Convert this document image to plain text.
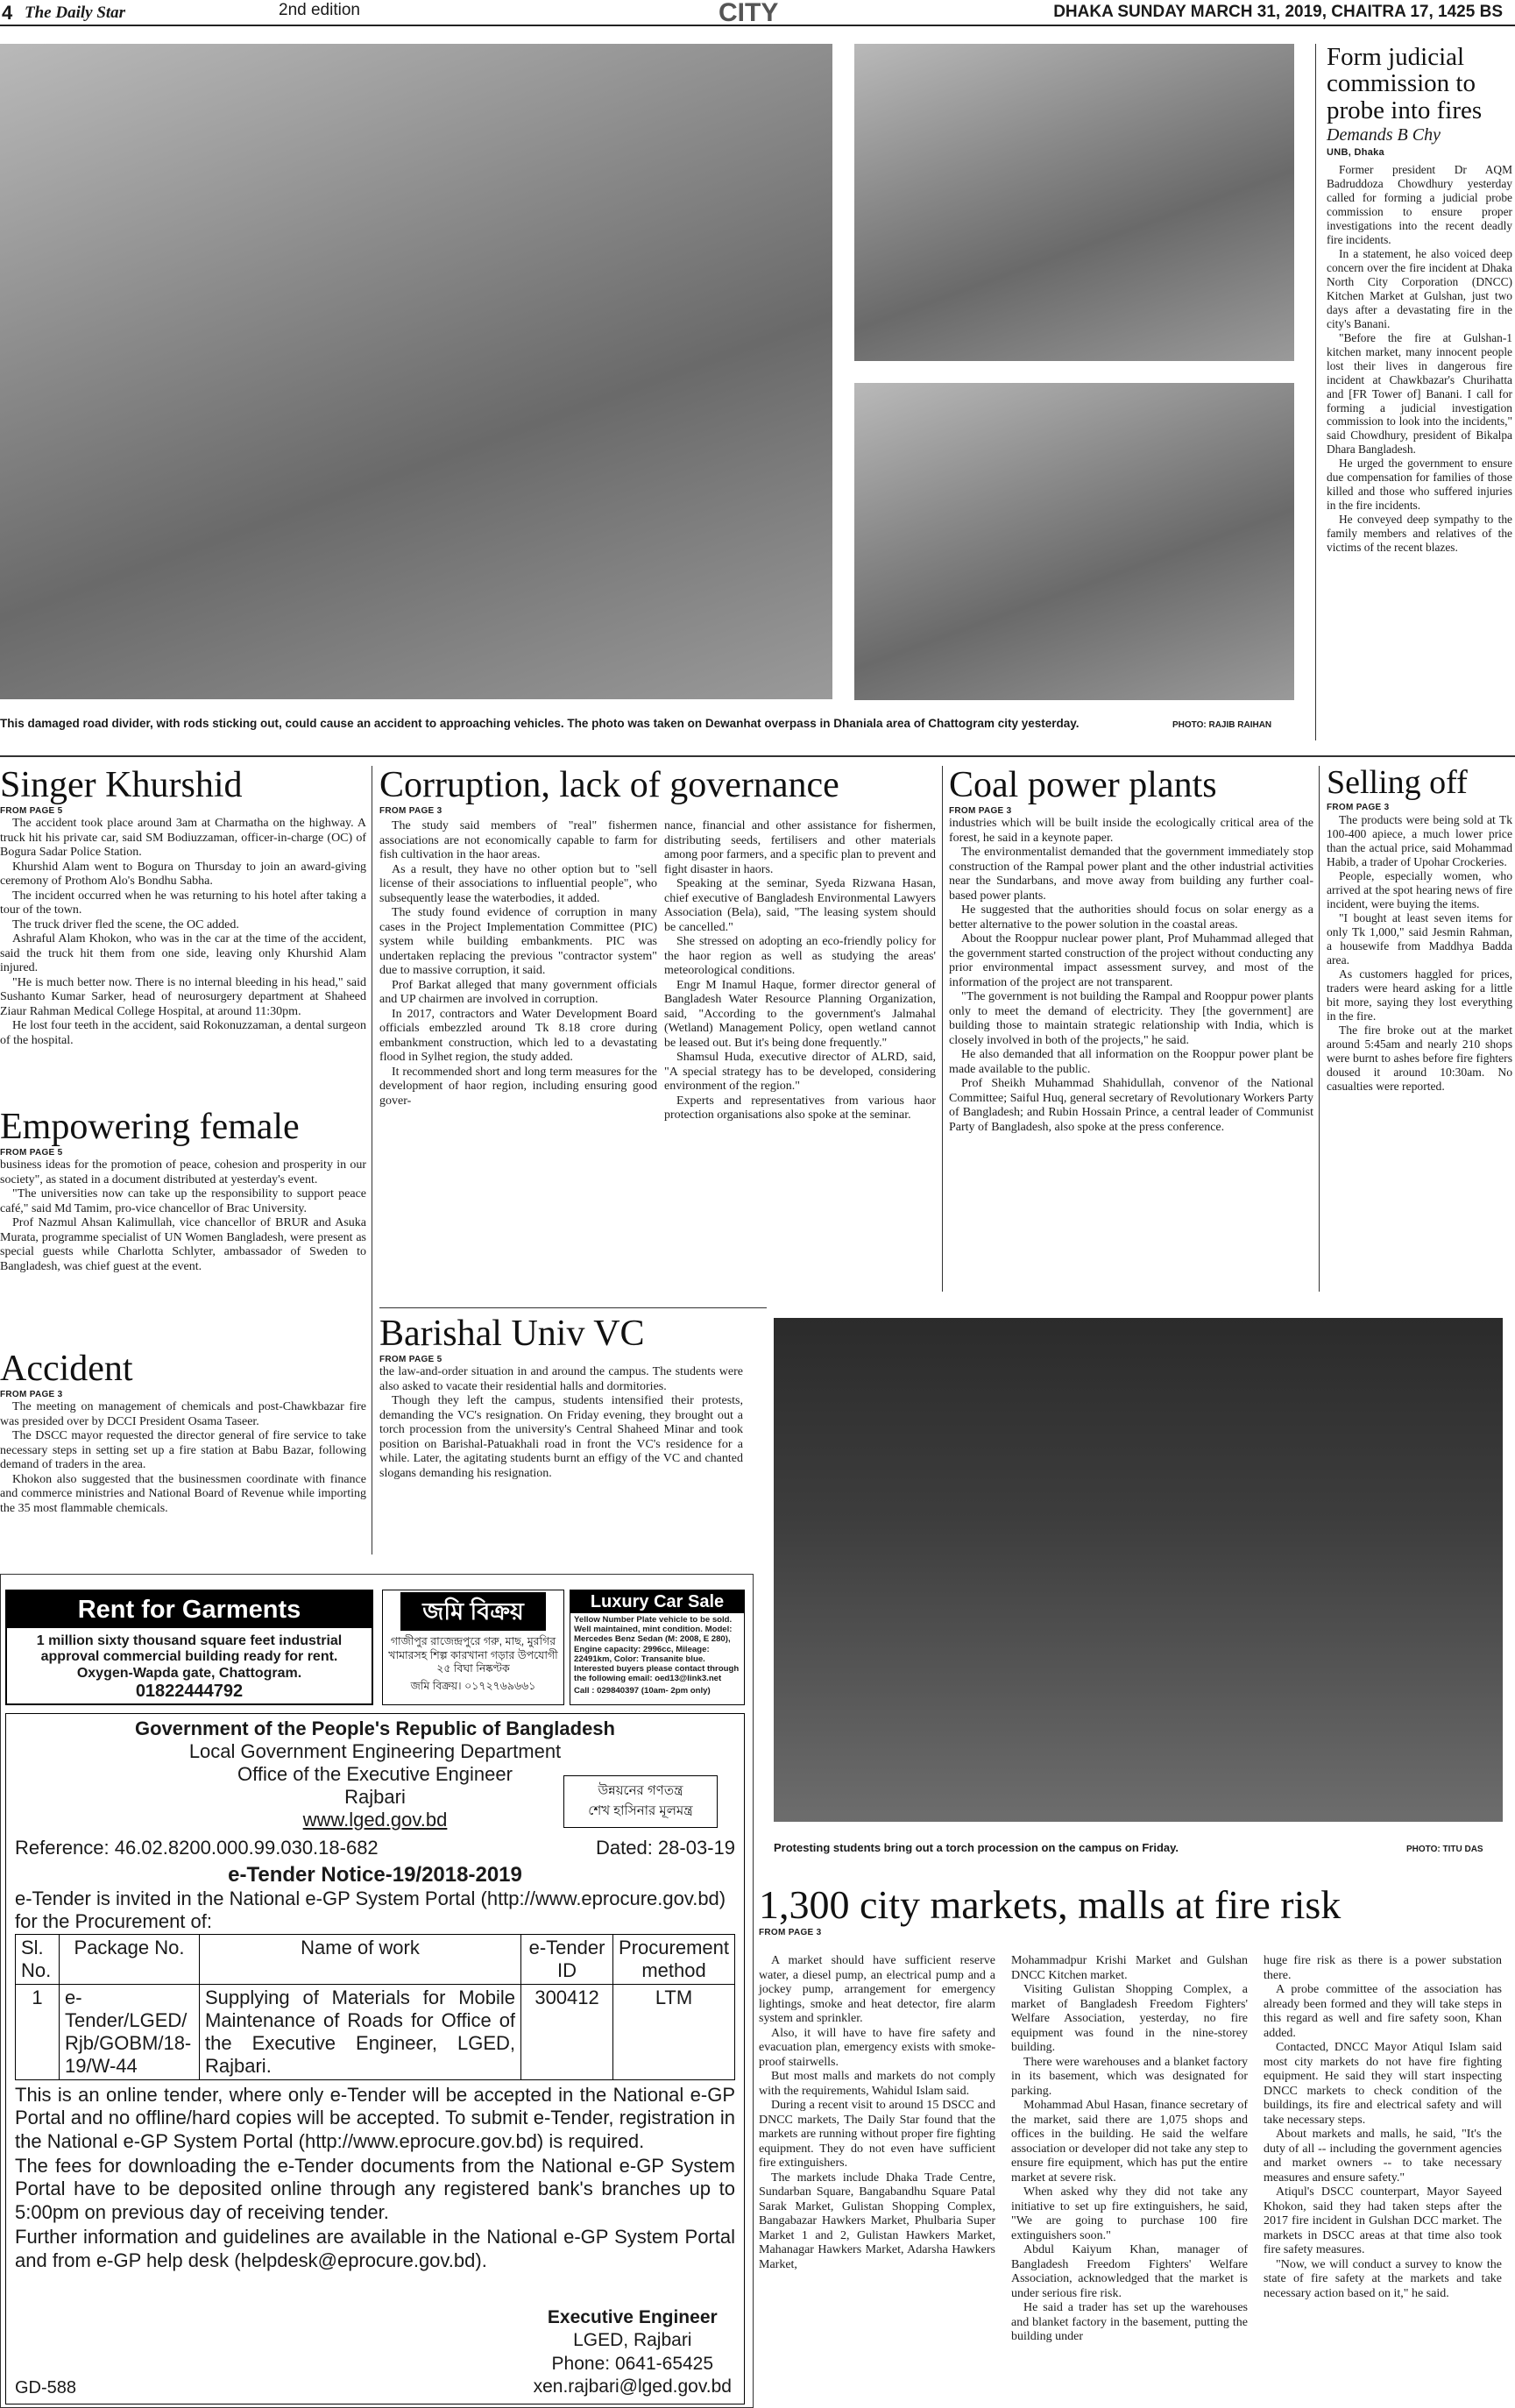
4 The Daily Star	2nd edition	CITY	DHAKA SUNDAY MARCH 31, 2019, CHAITRA 17, 1425 BS
This damaged road divider, with rods sticking out, could cause an accident to approaching vehicles. The photo was taken on Dewanhat overpass in Dhaniala area of Chattogram city yesterday.	PHOTO: RAJIB RAIHAN
Form judicial commission to probe into fires
Demands B Chy
UNB, Dhaka

Former president Dr AQM Badruddoza Chowdhury yesterday called for forming a judicial probe commission to ensure proper investigations into the recent deadly fire incidents.

In a statement, he also voiced deep concern over the fire incident at Dhaka North City Corporation (DNCC) Kitchen Market at Gulshan, just two days after a devastating fire in the city's Banani.

"Before the fire at Gulshan-1 kitchen market, many innocent people lost their lives in dangerous fire incident at Chawkbazar's Churihatta and [FR Tower of] Banani. I call for forming a judicial investigation commission to look into the incidents," said Chowdhury, president of Bikalpa Dhara Bangladesh.

He urged the government to ensure due compensation for families of those killed and those who suffered injuries in the fire incidents.

He conveyed deep sympathy to the family members and relatives of the victims of the recent blazes.

Singer Khurshid
FROM PAGE 5

The accident took place around 3am at Charmatha on the highway. A truck hit his private car, said SM Bodiuzzaman, officer-in-charge (OC) of Bogura Sadar Police Station.

Khurshid Alam went to Bogura on Thursday to join an award-giving ceremony of Prothom Alo's Bondhu Sabha.

The incident occurred when he was returning to his hotel after taking a tour of the town.

The truck driver fled the scene, the OC added.

Ashraful Alam Khokon, who was in the car at the time of the accident, said the truck hit them from one side, leaving only Khurshid Alam injured.

"He is much better now. There is no internal bleeding in his head," said Sushanto Kumar Sarker, head of neurosurgery department at Shaheed Ziaur Rahman Medical College Hospital, at around 11:30pm.

He lost four teeth in the accident, said Rokonuzzaman, a dental surgeon of the hospital.

Empowering female
FROM PAGE 5

business ideas for the promotion of peace, cohesion and prosperity in our society", as stated in a document distributed at yesterday's event.

"The universities now can take up the responsibility to support peace café," said Md Tamim, pro-vice chancellor of Brac University.

Prof Nazmul Ahsan Kalimullah, vice chancellor of BRUR and Asuka Murata, programme specialist of UN Women Bangladesh, were present as special guests while Charlotta Schlyter, ambassador of Sweden to Bangladesh, was chief guest at the event.

Accident
FROM PAGE 3

The meeting on management of chemicals and post-Chawkbazar fire was presided over by DCCI President Osama Taseer.

The DSCC mayor requested the director general of fire service to take necessary steps in setting set up a fire station at Babu Bazar, following demand of traders in the area.

Khokon also suggested that the businessmen coordinate with finance and commerce ministries and National Board of Revenue while importing the 35 most flammable chemicals.

Corruption, lack of governance
FROM PAGE 3

The study said members of "real" fishermen associations are not economically capable to farm for fish cultivation in the haor areas.

As a result, they have no other option but to "sell license of their associations to influential people", who subsequently lease the waterbodies, it added.

The study found evidence of corruption in many cases in the Project Implementation Committee (PIC) system while building embankments. PIC was undertaken replacing the previous "contractor system" due to massive corruption, it said.

Prof Barkat alleged that many government officials and UP chairmen are involved in corruption.

In 2017, contractors and Water Development Board officials embezzled around Tk 8.18 crore during embankment construction, which led to a devastating flood in Sylhet region, the study added.

It recommended short and long term measures for the development of haor region, including ensuring good gover-

nance, financial and other assistance for fishermen, distributing seeds, fertilisers and other materials among poor farmers, and a specific plan to prevent and fight disaster in haors.

Speaking at the seminar, Syeda Rizwana Hasan, chief executive of Bangladesh Environmental Lawyers Association (Bela), said, "The leasing system should be cancelled."

She stressed on adopting an eco-friendly policy for the haor region as well as studying the areas' meteorological conditions.

Engr M Inamul Haque, former director general of Bangladesh Water Resource Planning Organization, said, "According to the government's Jalmahal (Wetland) Management Policy, open wetland cannot be leased out. But it's being done frequently."

Shamsul Huda, executive director of ALRD, said, "A special strategy has to be developed, considering environment of the region."

Experts and representatives from various haor protection organisations also spoke at the seminar.

Coal power plants
FROM PAGE 3

industries which will be built inside the ecologically critical area of the forest, he said in a keynote paper.

The environmentalist demanded that the government immediately stop construction of the Rampal power plant and the other industrial activities near the Sundarbans, and move away from building any further coal-based power plants.

He suggested that the authorities should focus on solar energy as a better alternative to the power solution in the coastal areas.

About the Rooppur nuclear power plant, Prof Muhammad alleged that the government started construction of the project without conducting any prior environmental impact assessment survey, and most of the information of the project are not transparent.

"The government is not building the Rampal and Rooppur power plants only to meet the demand of electricity. They [the government] are building those to maintain strategic relationship with India, which is closely involved in both of the projects," he said.

He also demanded that all information on the Rooppur power plant be made available to the public.

Prof Sheikh Muhammad Shahidullah, convenor of the National Committee; Saiful Huq, general secretary of Revolutionary Workers Party of Bangladesh; and Rubin Hossain Prince, a central leader of Communist Party of Bangladesh, also spoke at the press conference.

Selling off
FROM PAGE 3

The products were being sold at Tk 100-400 apiece, a much lower price than the actual price, said Mohammad Habib, a trader of Upohar Crockeries.

People, especially women, who arrived at the spot hearing news of fire incident, were buying the items.

"I bought at least seven items for only Tk 1,000," said Jesmin Rahman, a housewife from Maddhya Badda area.

As customers haggled for prices, traders were heard asking for a little bit more, saying they lost everything in the fire.

The fire broke out at the market around 5:45am and nearly 210 shops were burnt to ashes before fire fighters doused it around 10:30am. No casualties were reported.

Barishal Univ VC
FROM PAGE 5

the law-and-order situation in and around the campus. The students were also asked to vacate their residential halls and dormitories.

Though they left the campus, students intensified their protests, demanding the VC's resignation. On Friday evening, they brought out a torch procession from the university's Central Shaheed Minar and took position on Barishal-Patuakhali road in front the VC's residence for a while. Later, the agitating students burnt an effigy of the VC and chanted slogans demanding his resignation.

Protesting students bring out a torch procession on the campus on Friday.	PHOTO: TITU DAS
1,300 city markets, malls at fire risk
FROM PAGE 3

A market should have sufficient reserve water, a diesel pump, an electrical pump and a jockey pump, arrangement for emergency lightings, smoke and heat detector, fire alarm system and sprinkler.

Also, it will have to have fire safety and evacuation plan, emergency exists with smoke-proof stairwells.

But most malls and markets do not comply with the requirements, Wahidul Islam said.

During a recent visit to around 15 DSCC and DNCC markets, The Daily Star found that the markets are running without proper fire fighting equipment. They do not even have sufficient fire extinguishers.

The markets include Dhaka Trade Centre, Sundarban Square, Bangabandhu Square Patal Sarak Market, Gulistan Shopping Complex, Bangabazar Hawkers Market, Phulbaria Super Market 1 and 2, Gulistan Hawkers Market, Mahanagar Hawkers Market, Adarsha Hawkers Market,

Mohammadpur Krishi Market and Gulshan DNCC Kitchen market.

Visiting Gulistan Shopping Complex, a market of Bangladesh Freedom Fighters' Welfare Association, yesterday, no fire equipment was found in the nine-storey building.

There were warehouses and a blanket factory in its basement, which was designated for parking.

Mohammad Abul Hasan, finance secretary of the market, said there are 1,075 shops and offices in the building. He said the welfare association or developer did not take any step to ensure fire equipment, which has put the entire market at severe risk.

When asked why they did not take any initiative to set up fire extinguishers, he said, "We are going to purchase 100 fire extinguishers soon."

Abdul Kaiyum Khan, manager of Bangladesh Freedom Fighters' Welfare Association, acknowledged that the market is under serious fire risk.

He said a trader has set up the warehouses and blanket factory in the basement, putting the building under

huge fire risk as there is a power substation there.

A probe committee of the association has already been formed and they will take steps in this regard as well and fire safety soon, Khan added.

Contacted, DNCC Mayor Atiqul Islam said most city markets do not have fire fighting equipment. He said they will start inspecting DNCC markets to check condition of the buildings, its fire and electrical safety and will take necessary steps.

About markets and malls, he said, "It's the duty of all -- including the government agencies and market owners -- to take necessary measures and ensure safety."

Atiqul's DSCC counterpart, Mayor Sayeed Khokon, said they had taken steps after the 2017 fire incident in Gulshan DCC market. The markets in DSCC areas at that time also took fire safety measures.

"Now, we will conduct a survey to know the state of fire safety at the markets and take necessary action based on it," he said.

Rent for Garments
1 million sixty thousand square feet industrial approval commercial building ready for rent. Oxygen-Wapda gate, Chattogram.
01822444792
জমি বিক্রয়
গাজীপুর রাজেন্দ্রপুরে গরু, মাছ, মুরগির খামারসহ শিল্প কারখানা গড়ার উপযোগী ২৫ বিঘা নিষ্কণ্টক
জমি বিক্রয়। ০১৭২৭৬৯৬৬১
Luxury Car Sale
Yellow Number Plate vehicle to be sold. Well maintained, mint condition. Model: Mercedes Benz Sedan (M: 2008, E 280), Engine capacity: 2996cc, Mileage: 22491km, Color: Transanite blue. Interested buyers please contact through the following email: oed13@link3.net
Call : 029840397 (10am- 2pm only)
Government of the People's Republic of Bangladesh
Local Government Engineering Department
Office of the Executive Engineer
Rajbari
www.lged.gov.bd
উন্নয়নের গণতন্ত্র
শেখ হাসিনার মূলমন্ত্র
Reference: 46.02.8200.000.99.030.18-682	Dated: 28-03-19
e-Tender Notice-19/2018-2019
e-Tender is invited in the National e-GP System Portal (http://www.eprocure.gov.bd) for the Procurement of:
Sl. No.	Package No.	Name of work	e-Tender ID	Procurement method
1	e-Tender/LGED/ Rjb/GOBM/18- 19/W-44	Supplying of Materials for Mobile Maintenance of Roads for Office of the Executive Engineer, LGED, Rajbari.	300412	LTM
This is an online tender, where only e-Tender will be accepted in the National e-GP Portal and no offline/hard copies will be accepted. To submit e-Tender, registration in the National e-GP System Portal (http://www.eprocure.gov.bd) is required.
The fees for downloading the e-Tender documents from the National e-GP System Portal have to be deposited online through any registered bank's branches up to 5:00pm on previous day of receiving tender.
Further information and guidelines are available in the National e-GP System Portal and from e-GP help desk (helpdesk@eprocure.gov.bd).
Executive Engineer
LGED, Rajbari
Phone: 0641-65425
xen.rajbari@lged.gov.bd
GD-588
